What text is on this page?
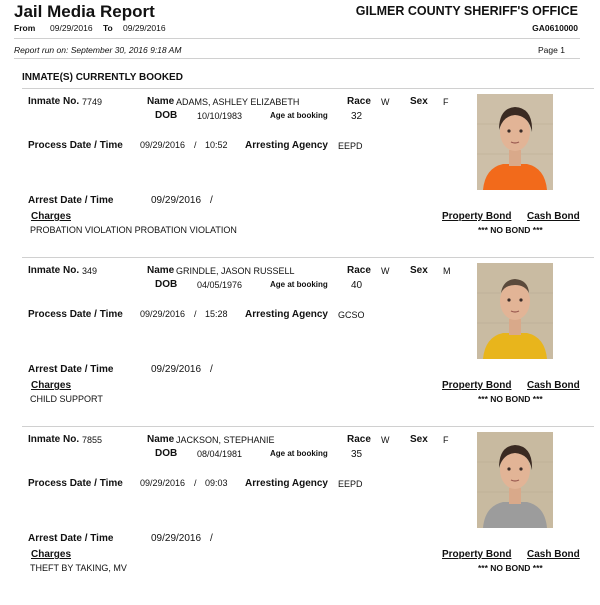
Jail Media Report	GILMER COUNTY SHERIFF'S OFFICE
From 09/29/2016 To 09/29/2016	GA0610000
Report run on: September 30, 2016 9:18 AM	Page 1
INMATE(S) CURRENTLY BOOKED
Inmate No. 7749	Name ADAMS, ASHLEY ELIZABETH	Race W Sex F
DOB 10/10/1983	Age at booking 32
Process Date / Time 09/29/2016 / 10:52 Arresting Agency EEPD
Arrest Date / Time	09/29/2016 /
Charges	Property Bond Cash Bond
PROBATION VIOLATION PROBATION VIOLATION	*** NO BOND ***
Inmate No. 349	Name GRINDLE, JASON RUSSELL	Race W Sex M
DOB 04/05/1976	Age at booking 40
Process Date / Time 09/29/2016 / 15:28 Arresting Agency GCSO
Arrest Date / Time	09/29/2016 /
Charges	Property Bond Cash Bond
CHILD SUPPORT	*** NO BOND ***
Inmate No. 7855	Name JACKSON, STEPHANIE	Race W Sex F
DOB 08/04/1981	Age at booking 35
Process Date / Time 09/29/2016 / 09:03 Arresting Agency EEPD
Arrest Date / Time	09/29/2016 /
Charges	Property Bond Cash Bond
THEFT BY TAKING, MV	*** NO BOND ***
